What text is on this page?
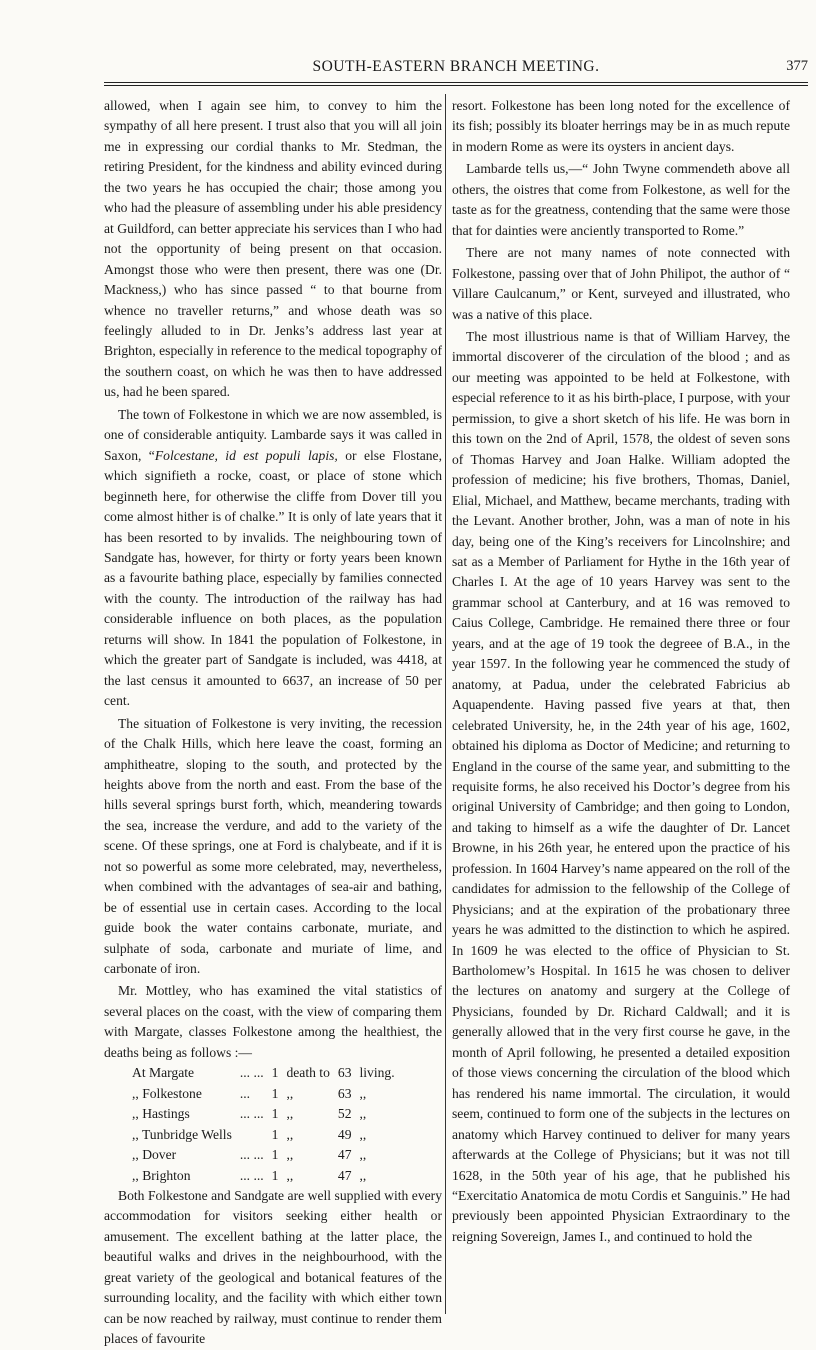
SOUTH-EASTERN BRANCH MEETING.	377

allowed, when I again see him, to convey to him the sympathy of all here present. I trust also that you will all join me in expressing our cordial thanks to Mr. Stedman, the retiring President, for the kindness and ability evinced during the two years he has occupied the chair; those among you who had the pleasure of assembling under his able presidency at Guildford, can better appreciate his services than I who had not the opportunity of being present on that occasion. Amongst those who were then present, there was one (Dr. Mackness,) who has since passed “ to that bourne from whence no traveller returns,” and whose death was so feelingly alluded to in Dr. Jenks’s address last year at Brighton, especially in reference to the medical topography of the southern coast, on which he was then to have addressed us, had he been spared.

The town of Folkestone in which we are now assembled, is one of considerable antiquity. Lambarde says it was called in Saxon, “Folcestane, id est populi lapis, or else Flostane, which signifieth a rocke, coast, or place of stone which beginneth here, for otherwise the cliffe from Dover till you come almost hither is of chalke.” It is only of late years that it has been resorted to by invalids. The neighbouring town of Sandgate has, however, for thirty or forty years been known as a favourite bathing place, especially by families connected with the county. The introduction of the railway has had considerable influence on both places, as the population returns will show. In 1841 the population of Folkestone, in which the greater part of Sandgate is included, was 4418, at the last census it amounted to 6637, an increase of 50 per cent.

The situation of Folkestone is very inviting, the recession of the Chalk Hills, which here leave the coast, forming an amphitheatre, sloping to the south, and protected by the heights above from the north and east. From the base of the hills several springs burst forth, which, meandering towards the sea, increase the verdure, and add to the variety of the scene. Of these springs, one at Ford is chalybeate, and if it is not so powerful as some more celebrated, may, nevertheless, when combined with the advantages of sea-air and bathing, be of essential use in certain cases. According to the local guide book the water contains carbonate, muriate, and sulphate of soda, carbonate and muriate of lime, and carbonate of iron.

Mr. Mottley, who has examined the vital statistics of several places on the coast, with the view of comparing them with Margate, classes Folkestone among the healthiest, the deaths being as follows :—

At Margate	... ...	1	death to	63	living.
,, Folkestone	...	1	,,	63	,,
,, Hastings	... ...	1	,,	52	,,
,, Tunbridge Wells		1	,,	49	,,
,, Dover	... ...	1	,,	47	,,
,, Brighton	... ...	1	,,	47	,,

Both Folkestone and Sandgate are well supplied with every accommodation for visitors seeking either health or amusement. The excellent bathing at the latter place, the beautiful walks and drives in the neighbourhood, with the great variety of the geological and botanical features of the surrounding locality, and the facility with which either town can be now reached by railway, must continue to render them places of favourite

resort. Folkestone has been long noted for the excellence of its fish; possibly its bloater herrings may be in as much repute in modern Rome as were its oysters in ancient days.

Lambarde tells us,—“ John Twyne commendeth above all others, the oistres that come from Folkestone, as well for the taste as for the greatness, contending that the same were those that for dainties were anciently transported to Rome.”

There are not many names of note connected with Folkestone, passing over that of John Philipot, the author of “ Villare Caulcanum,” or Kent, surveyed and illustrated, who was a native of this place.

The most illustrious name is that of William Harvey, the immortal discoverer of the circulation of the blood ; and as our meeting was appointed to be held at Folkestone, with especial reference to it as his birth-place, I purpose, with your permission, to give a short sketch of his life. He was born in this town on the 2nd of April, 1578, the oldest of seven sons of Thomas Harvey and Joan Halke. William adopted the profession of medicine; his five brothers, Thomas, Daniel, Elial, Michael, and Matthew, became merchants, trading with the Levant. Another brother, John, was a man of note in his day, being one of the King’s receivers for Lincolnshire; and sat as a Member of Parliament for Hythe in the 16th year of Charles I. At the age of 10 years Harvey was sent to the grammar school at Canterbury, and at 16 was removed to Caius College, Cambridge. He remained there three or four years, and at the age of 19 took the degreee of B.A., in the year 1597. In the following year he commenced the study of anatomy, at Padua, under the celebrated Fabricius ab Aquapendente. Having passed five years at that, then celebrated University, he, in the 24th year of his age, 1602, obtained his diploma as Doctor of Medicine; and returning to England in the course of the same year, and submitting to the requisite forms, he also received his Doctor’s degree from his original University of Cambridge; and then going to London, and taking to himself as a wife the daughter of Dr. Lancet Browne, in his 26th year, he entered upon the practice of his profession. In 1604 Harvey’s name appeared on the roll of the candidates for admission to the fellowship of the College of Physicians; and at the expiration of the probationary three years he was admitted to the distinction to which he aspired. In 1609 he was elected to the office of Physician to St. Bartholomew’s Hospital. In 1615 he was chosen to deliver the lectures on anatomy and surgery at the College of Physicians, founded by Dr. Richard Caldwall; and it is generally allowed that in the very first course he gave, in the month of April following, he presented a detailed exposition of those views concerning the circulation of the blood which has rendered his name immortal. The circulation, it would seem, continued to form one of the subjects in the lectures on anatomy which Harvey continued to deliver for many years afterwards at the College of Physicians; but it was not till 1628, in the 50th year of his age, that he published his “Exercitatio Anatomica de motu Cordis et Sanguinis.” He had previously been appointed Physician Extraordinary to the reigning Sovereign, James I., and continued to hold the
